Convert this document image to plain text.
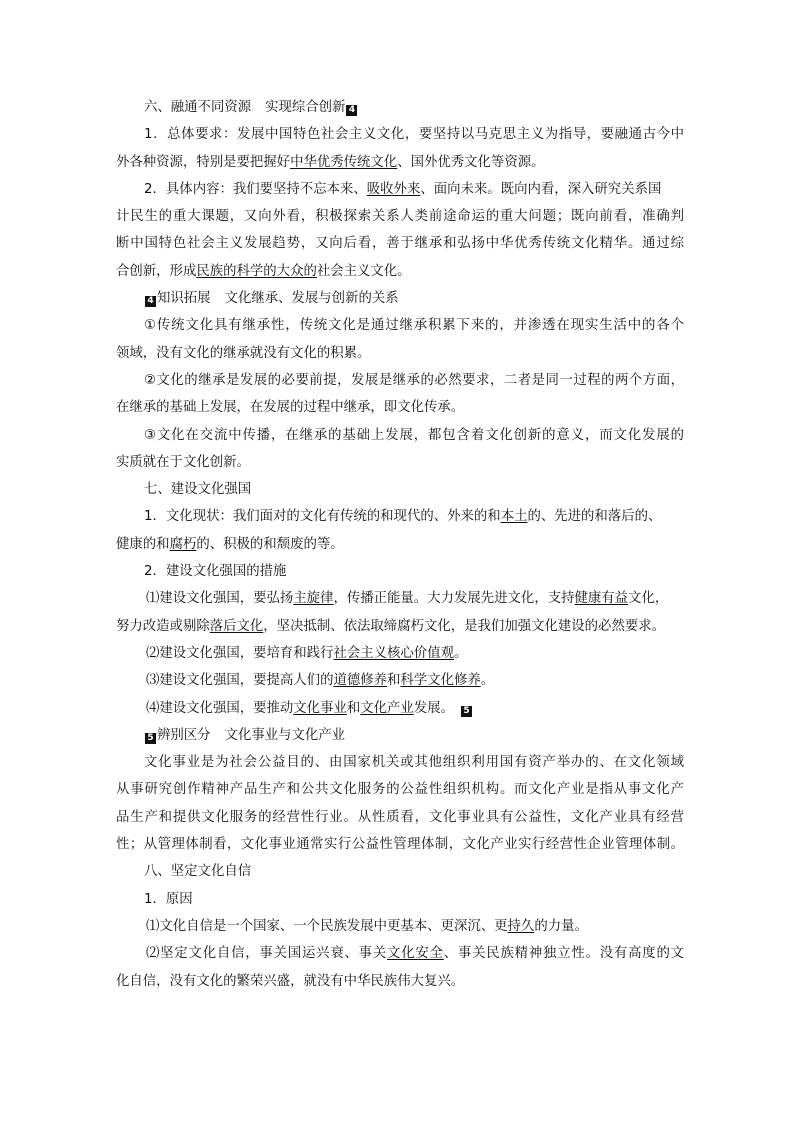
六、融通不同资源 实现综合创新 4
1．总体要求：发展中国特色社会主义文化，要坚持以马克思主义为指导，要融通古今中
外各种资源，特别是要把握好中华优秀传统文化、国外优秀文化等资源。
2．具体内容：我们要坚持不忘本来、吸收外来、面向未来。既向内看，深入研究关系国
计民生的重大课题，又向外看，积极探索关系人类前途命运的重大问题；既向前看，准确判
断中国特色社会主义发展趋势，又向后看，善于继承和弘扬中华优秀传统文化精华。通过综
合创新，形成民族的科学的大众的社会主义文化。
4 知识拓展 文化继承、发展与创新的关系
①传统文化具有继承性，传统文化是通过继承积累下来的，并渗透在现实生活中的各个
领域，没有文化的继承就没有文化的积累。
②文化的继承是发展的必要前提，发展是继承的必然要求，二者是同一过程的两个方面，
在继承的基础上发展，在发展的过程中继承，即文化传承。
③文化在交流中传播，在继承的基础上发展，都包含着文化创新的意义，而文化发展的
实质就在于文化创新。
七、建设文化强国
1．文化现状：我们面对的文化有传统的和现代的、外来的和本土的、先进的和落后的、
健康的和腐朽的、积极的和颓废的等。
2．建设文化强国的措施
⑴建设文化强国，要弘扬主旋律，传播正能量。大力发展先进文化，支持健康有益文化，
努力改造或剔除落后文化，坚决抵制、依法取缔腐朽文化，是我们加强文化建设的必然要求。
⑵建设文化强国，要培育和践行社会主义核心价值观。
⑶建设文化强国，要提高人们的道德修养和科学文化修养。
⑷建设文化强国，要推动文化事业和文化产业发展。 5
5 辨别区分 文化事业与文化产业
文化事业是为社会公益目的、由国家机关或其他组织利用国有资产举办的、在文化领域
从事研究创作精神产品生产和公共文化服务的公益性组织机构。而文化产业是指从事文化产
品生产和提供文化服务的经营性行业。从性质看，文化事业具有公益性，文化产业具有经营
性；从管理体制看，文化事业通常实行公益性管理体制，文化产业实行经营性企业管理体制。
八、坚定文化自信
1．原因
⑴文化自信是一个国家、一个民族发展中更基本、更深沉、更持久的力量。
⑵坚定文化自信，事关国运兴衰、事关文化安全、事关民族精神独立性。没有高度的文
化自信，没有文化的繁荣兴盛，就没有中华民族伟大复兴。
